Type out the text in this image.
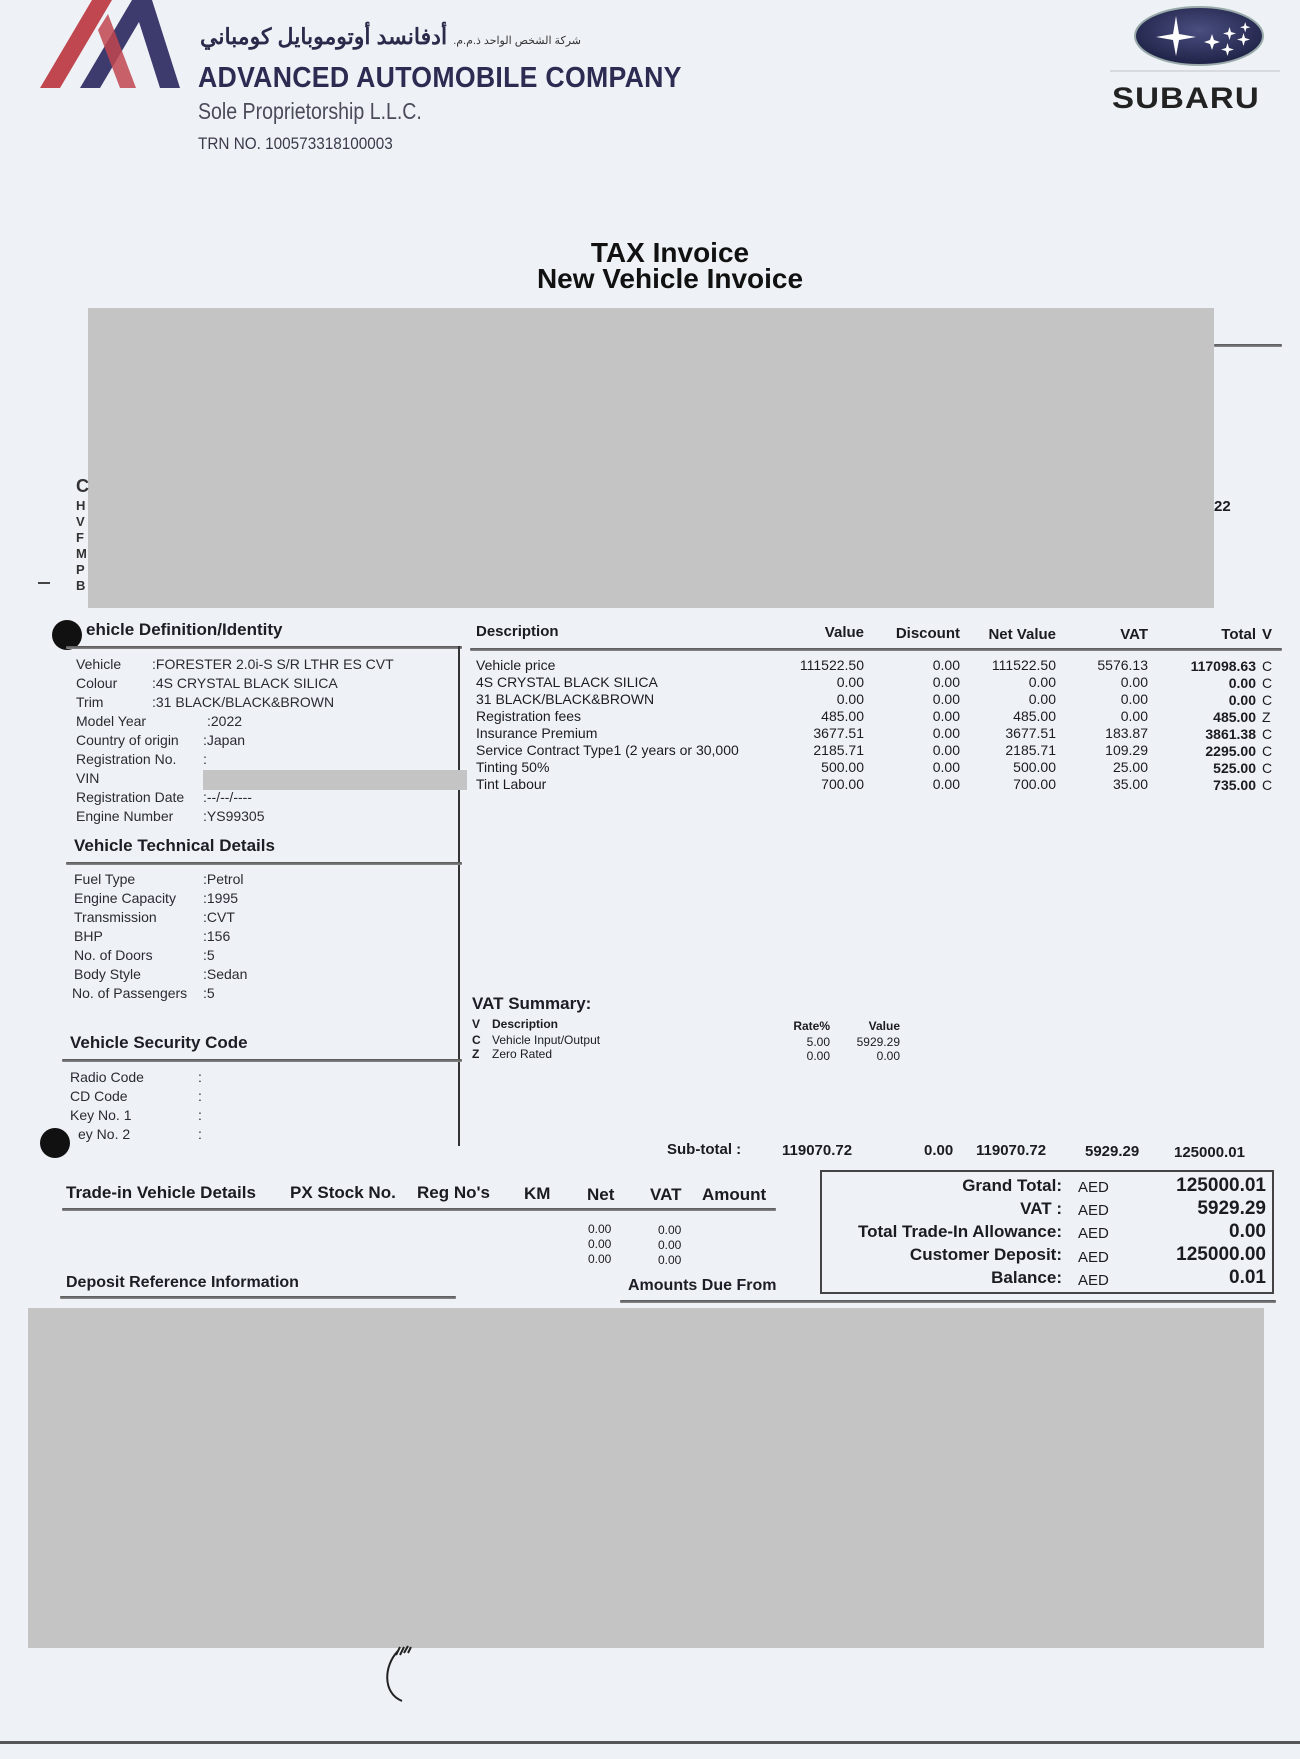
شركة الشخص الواحد ذ.م.م. أدفانسد أوتوموبايل كومباني
ADVANCED AUTOMOBILE COMPANY
Sole Proprietorship L.L.C.
TRN NO. 100573318100003
SUBARU
TAX Invoice
New Vehicle Invoice
C
H
V
F
M
P
B
22
ehicle Definition/Identity
Vehicle :FORESTER 2.0i-S S/R LTHR ES CVT
Colour :4S CRYSTAL BLACK SILICA
Trim	:31 BLACK/BLACK&BROWN
Model Year	:2022
Country of origin :Japan
Registration No. :
VIN
Registration Date :--/--/----
Engine Number :YS99305
Vehicle Technical Details
Fuel Type	:Petrol
Engine Capacity :1995
Transmission	:CVT
BHP	:156
No. of Doors	:5
Body Style	:Sedan
No. of Passengers :5
Vehicle Security Code
Radio Code	:
CD Code	:
Key No. 1	:
ey No. 2	:
Description	Value	Discount	Net Value	VAT	Total V
Vehicle price	111522.50	0.00	111522.50	5576.13	117098.63 C
4S CRYSTAL BLACK SILICA	0.00	0.00	0.00	0.00	0.00 C
31 BLACK/BLACK&BROWN	0.00	0.00	0.00	0.00	0.00 C
Registration fees	485.00	0.00	485.00	0.00	485.00 Z
Insurance Premium	3677.51	0.00	3677.51	183.87	3861.38 C
Service Contract Type1 (2 years or 30,000	2185.71	0.00	2185.71	109.29	2295.00 C
Tinting 50%	500.00	0.00	500.00	25.00	525.00 C
Tint Labour	700.00	0.00	700.00	35.00	735.00 C
VAT Summary:
V Description	Rate%	Value
C Vehicle Input/Output	5.00	5929.29
Z Zero Rated	0.00	0.00
Sub-total :	119070.72	0.00 119070.72	5929.29 125000.01
Trade-in Vehicle Details PX Stock No. Reg No's KM Net VAT Amount
0.00	0.00
0.00	0.00
0.00	0.00
Deposit Reference Information	Amounts Due From
Grand Total: AED	125000.01
VAT : AED	5929.29
Total Trade-In Allowance: AED	0.00
Customer Deposit: AED	125000.00
Balance: AED	0.01
